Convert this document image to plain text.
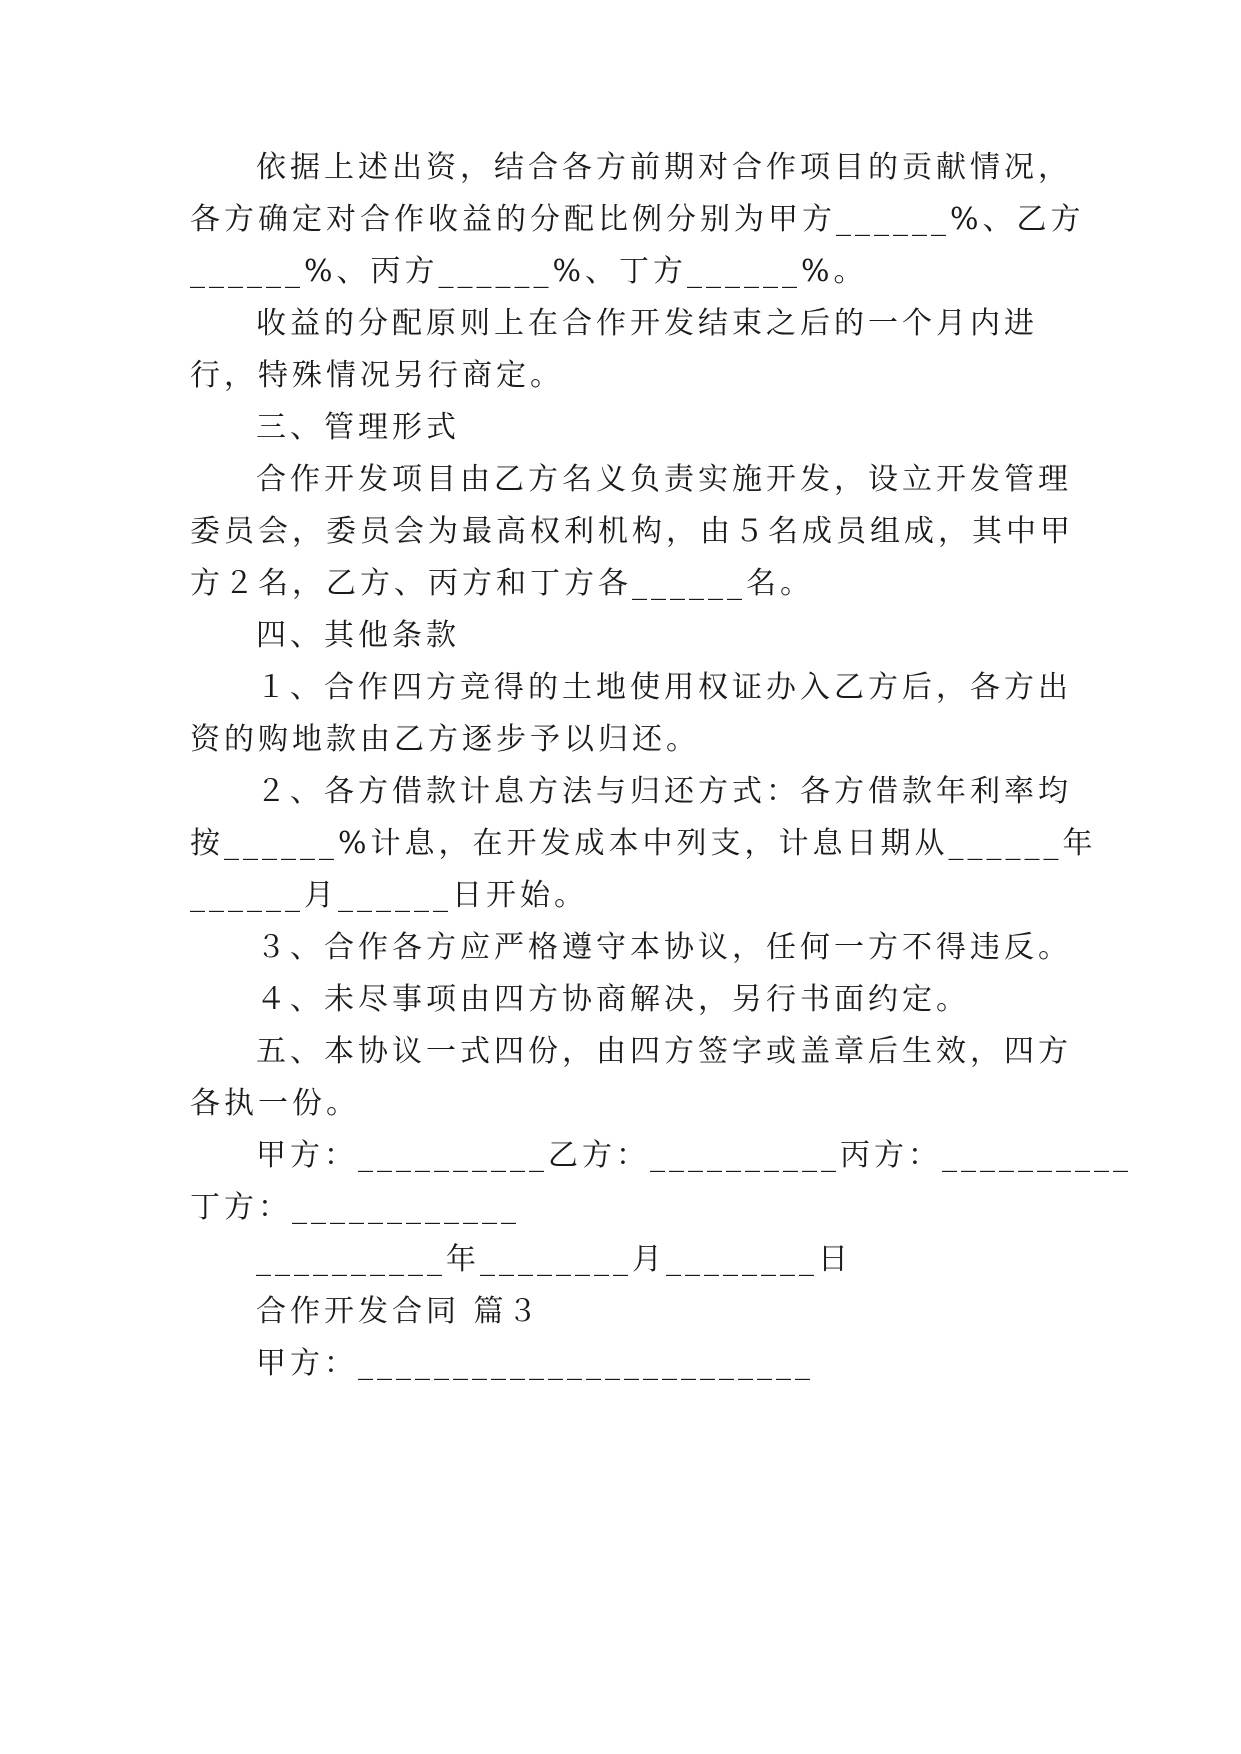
依据上述出资，结合各方前期对合作项目的贡献情况，
各方确定对合作收益的分配比例分别为甲方______%、乙方
______%、丙方______%、丁方______%。
收益的分配原则上在合作开发结束之后的一个月内进
行，特殊情况另行商定。
三、管理形式
合作开发项目由乙方名义负责实施开发，设立开发管理
委员会，委员会为最高权利机构，由５名成员组成，其中甲
方２名，乙方、丙方和丁方各______名。
四、其他条款
１、合作四方竞得的土地使用权证办入乙方后，各方出
资的购地款由乙方逐步予以归还。
２、各方借款计息方法与归还方式：各方借款年利率均
按______%计息，在开发成本中列支，计息日期从______年
______月______日开始。
３、合作各方应严格遵守本协议，任何一方不得违反。
４、未尽事项由四方协商解决，另行书面约定。
五、本协议一式四份，由四方签字或盖章后生效，四方
各执一份。
甲方：__________乙方：__________丙方：__________
丁方：____________
__________年________月________日
合作开发合同 篇３
甲方：________________________
